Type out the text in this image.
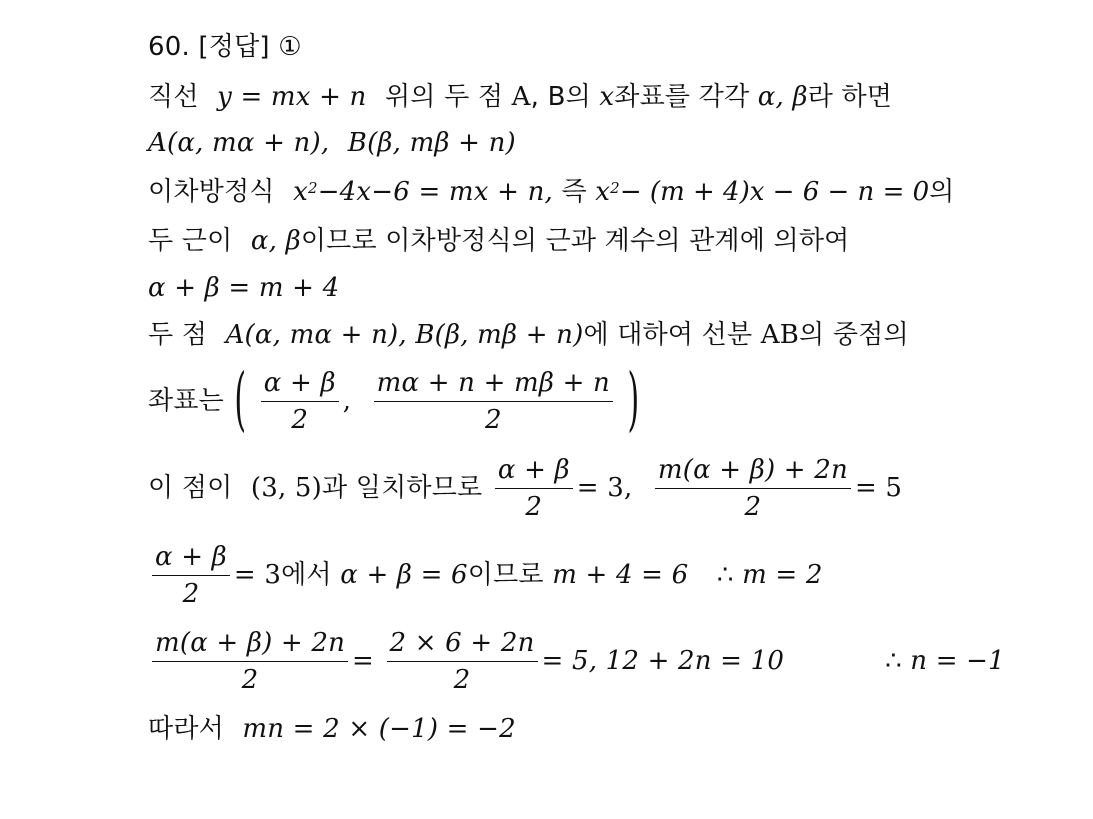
60. [정답] ①
직선 y = mx + n 위의 두 점 A, B의 x좌표를 각각 α, β라 하면
A(α, mα + n), B(β, mβ + n)
이차방정식 $x^2-4x-6$ = mx + n, 즉 $x^2- (m + 4)x - 6 - n = 0$의
두 근이 α, β이므로 이차방정식의 근과 계수의 관계에 의하여
α + β = m + 4
두 점 A(α, mα + n), B(β, mβ + n)에 대하여 선분 AB의 중점의
좌표는 ( $\frac{\alpha + \beta}{2}$ , $\frac{m\alpha + n + m\beta + n}{2}$ )
이 점이 (3, 5)과 일치하므로 $\frac{\alpha + \beta}{2} = 3$, $\frac{m(\alpha + \beta) + 2n}{2} = 5$
$\frac{\alpha + \beta}{2} = 3$에서 α + β = 6이므로 m + 4 = 6 ∴ m = 2
$\frac{m(\alpha + \beta) + 2n}{2} = \frac{2 \times 6 + 2n}{2} = 5$, 12 + 2n = 10	∴ n = −1
따라서 mn = 2 × (−1) = −2
